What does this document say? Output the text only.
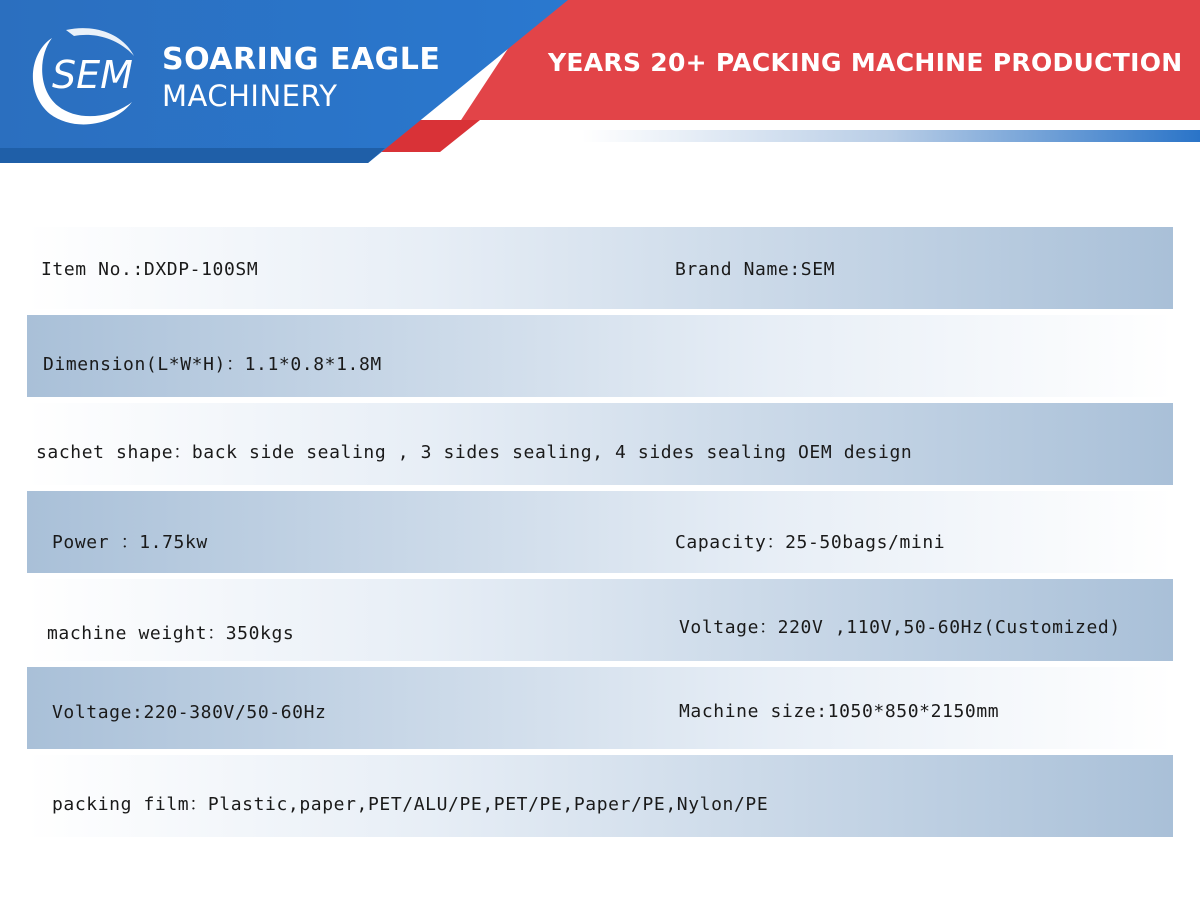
SEM SOARING EAGLE
MACHINERY
YEARS 20+ PACKING MACHINE PRODUCTION
Item No.:DXDP-100SM	Brand Name:SEM
Dimension(L*W*H)：1.1*0.8*1.8M
sachet shape：back side sealing , 3 sides sealing, 4 sides sealing OEM design
Power ：1.75kw	Capacity：25-50bags/mini
machine weight：350kgs	Voltage：220V ,110V,50-60Hz(Customized)
Voltage:220-380V/50-60Hz	Machine size:1050*850*2150mm
packing film：Plastic,paper,PET/ALU/PE,PET/PE,Paper/PE,Nylon/PE
